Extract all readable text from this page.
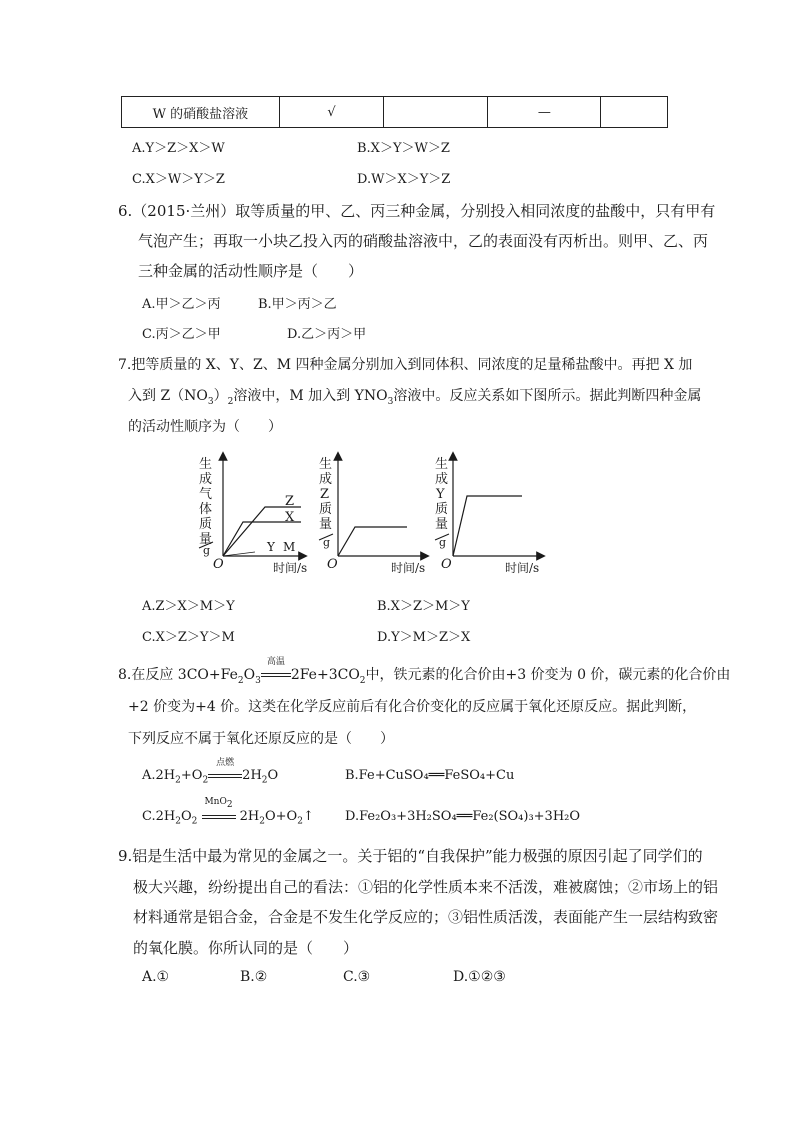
W 的硝酸盐溶液	√		—	
A.Y＞Z＞X＞W	B.X＞Y＞W＞Z
C.X＞W＞Y＞Z	D.W＞X＞Y＞Z
6.（2015·兰州）取等质量的甲、乙、丙三种金属，分别投入相同浓度的盐酸中，只有甲有
气泡产生；再取一小块乙投入丙的硝酸盐溶液中，乙的表面没有丙析出。则甲、乙、丙
三种金属的活动性顺序是（　　）
A.甲＞乙＞丙	B.甲＞丙＞乙
C.丙＞乙＞甲	D.乙＞丙＞甲
7.把等质量的 X、Y、Z、M 四种金属分别加入到同体积、同浓度的足量稀盐酸中。再把 X 加
入到 $Z(NO_3)_2$溶液中，M 加入到 $YNO_3$溶液中。反应关系如下图所示。据此判断四种金属
的活动性顺序为（　　）
生
成
气
体
质
量
g
Z
X
Y M
O	时间/s
生
成
Z
质
量
g
O	时间/s
生
成
Y
质
量
g
O	时间/s
A.Z＞X＞M＞Y	B.X＞Z＞M＞Y
C.X＞Z＞Y＞M	D.Y＞M＞Z＞X
8.在反应 $3CO+Fe_2O_3$
高温
$2Fe+3CO_2$中，铁元素的化合价由+3 价变为 0 价，碳元素的化合价由
+2 价变为+4 价。这类在化学反应前后有化合价变化的反应属于氧化还原反应。据此判断，
下列反应不属于氧化还原反应的是（　　）
$A.2H_2+O_2$
点燃
$2H_2O$	B.Fe+CuSO₄══FeSO₄+Cu
$C.2H_2O_2$
MnO$_2$
$2H_2O+O_2↑$ D.Fe₂O₃+3H₂SO₄══Fe₂(SO₄)₃+3H₂O
9.铝是生活中最为常见的金属之一。关于铝的“自我保护”能力极强的原因引起了同学们的
极大兴趣，纷纷提出自己的看法：①铝的化学性质本来不活泼，难被腐蚀；②市场上的铝
材料通常是铝合金，合金是不发生化学反应的；③铝性质活泼，表面能产生一层结构致密
的氧化膜。你所认同的是（　　）
A.①	B.②	C.③	D.①②③
